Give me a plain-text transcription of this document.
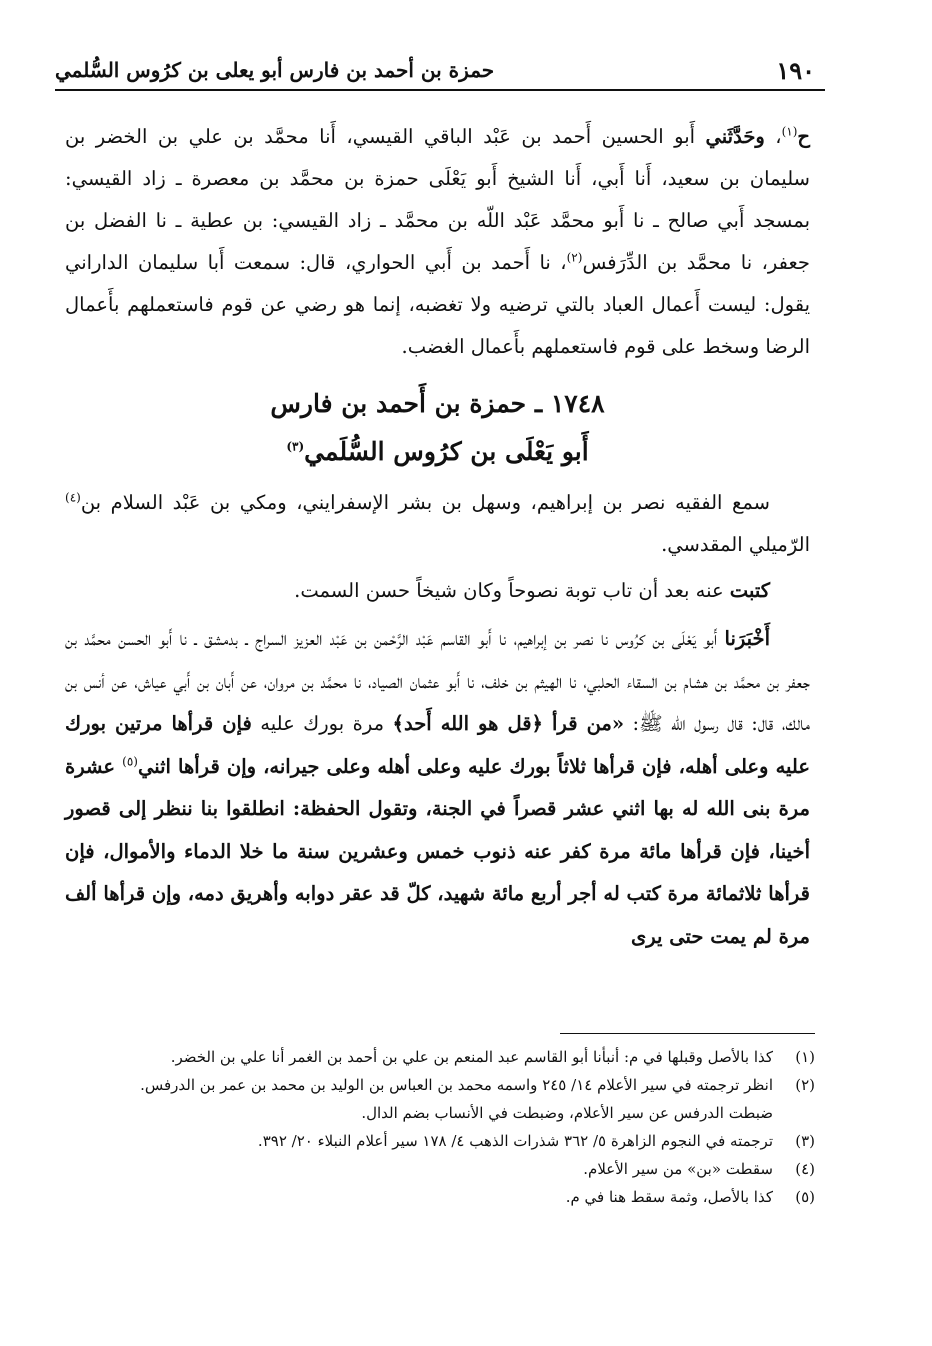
١٩٠
حمزة بن أحمد بن فارس أبو يعلى بن كرُوس السُّلمي
ح$^{(١)}$، وحَدَّثَني أَبو الحسين أَحمد بن عَبْد الباقي القيسي، أَنا محمَّد بن علي بن الخضر بن سليمان بن سعيد، أَنا أَبي، أَنا الشيخ أَبو يَعْلَى حمزة بن محمَّد بن معصرة ـ زاد القيسي: بمسجد أَبي صالح ـ نا أَبو محمَّد عَبْد اللّه بن محمَّد ـ زاد القيسي: بن عطية ـ نا الفضل بن جعفر، نا محمَّد بن الدِّرَفس$^{(٢)}$، نا أَحمد بن أَبي الحواري، قال: سمعت أَبا سليمان الداراني يقول: ليست أَعمال العباد بالتي ترضيه ولا تغضبه، إنما هو رضي عن قوم فاستعملهم بأَعمال الرضا وسخط على قوم فاستعملهم بأَعمال الغضب.
١٧٤٨ ـ حمزة بن أَحمد بن فارس
أَبو يَعْلَى بن كرُوس السُّلَمي$^{(٣)}$
سمع الفقيه نصر بن إبراهيم، وسهل بن بشر الإسفرايني، ومكي بن عَبْد السلام بن$^{(٤)}$ الرّميلي المقدسي.
كتبت عنه بعد أن تاب توبة نصوحاً وكان شيخاً حسن السمت.
أَخْبَرَنا أَبو يَعْلَى بن كرُوس نا نصر بن إبراهيم، نا أَبو القاسم عَبْد الرَّحْمن بن عَبْد العزيز السراج ـ بدمشق ـ نا أَبو الحسن محمَّد بن جعفر بن محمَّد بن هشام بن السقاء الحلبي، نا الهيثم بن خلف، نا أَبو عثمان الصياد، نا محمَّد بن مروان، عن أَبان بن أَبي عياش، عن أنس بن مالك، قال: قال رسول الله ﷺ: «من قرأ ﴿قل هو الله أَحد﴾ مرة بورك عليه فإن قرأها مرتين بورك عليه وعلى أهله، فإن قرأها ثلاثاً بورك عليه وعلى أهله وعلى جيرانه، وإن قرأها اثني$^{(٥)}$ عشرة مرة بنى الله له بها اثني عشر قصراً في الجنة، وتقول الحفظة: انطلقوا بنا ننظر إلى قصور أخينا، فإن قرأها مائة مرة كفر عنه ذنوب خمس وعشرين سنة ما خلا الدماء والأموال، فإن قرأها ثلاثمائة مرة كتب له أجر أربع مائة شهيد، كلّ قد عقر دوابه وأهريق دمه، وإن قرأها ألف مرة لم يمت حتى يرى
(١)
كذا بالأصل وقبلها في م: أنبأنا أبو القاسم عبد المنعم بن علي بن أحمد بن الغمر أنا علي بن الخضر.
(٢)
انظر ترجمته في سير الأعلام ١٤/ ٢٤٥ واسمه محمد بن العباس بن الوليد بن محمد بن عمر بن الدرفس.
ضبطت الدرفس عن سير الأعلام، وضبطت في الأنساب بضم الدال.
(٣)
ترجمته في النجوم الزاهرة ٥/ ٣٦٢ شذرات الذهب ٤/ ١٧٨ سير أعلام النبلاء ٢٠/ ٣٩٢.
(٤)
سقطت «بن» من سير الأعلام.
(٥)
كذا بالأصل، وثمة سقط هنا في م.
